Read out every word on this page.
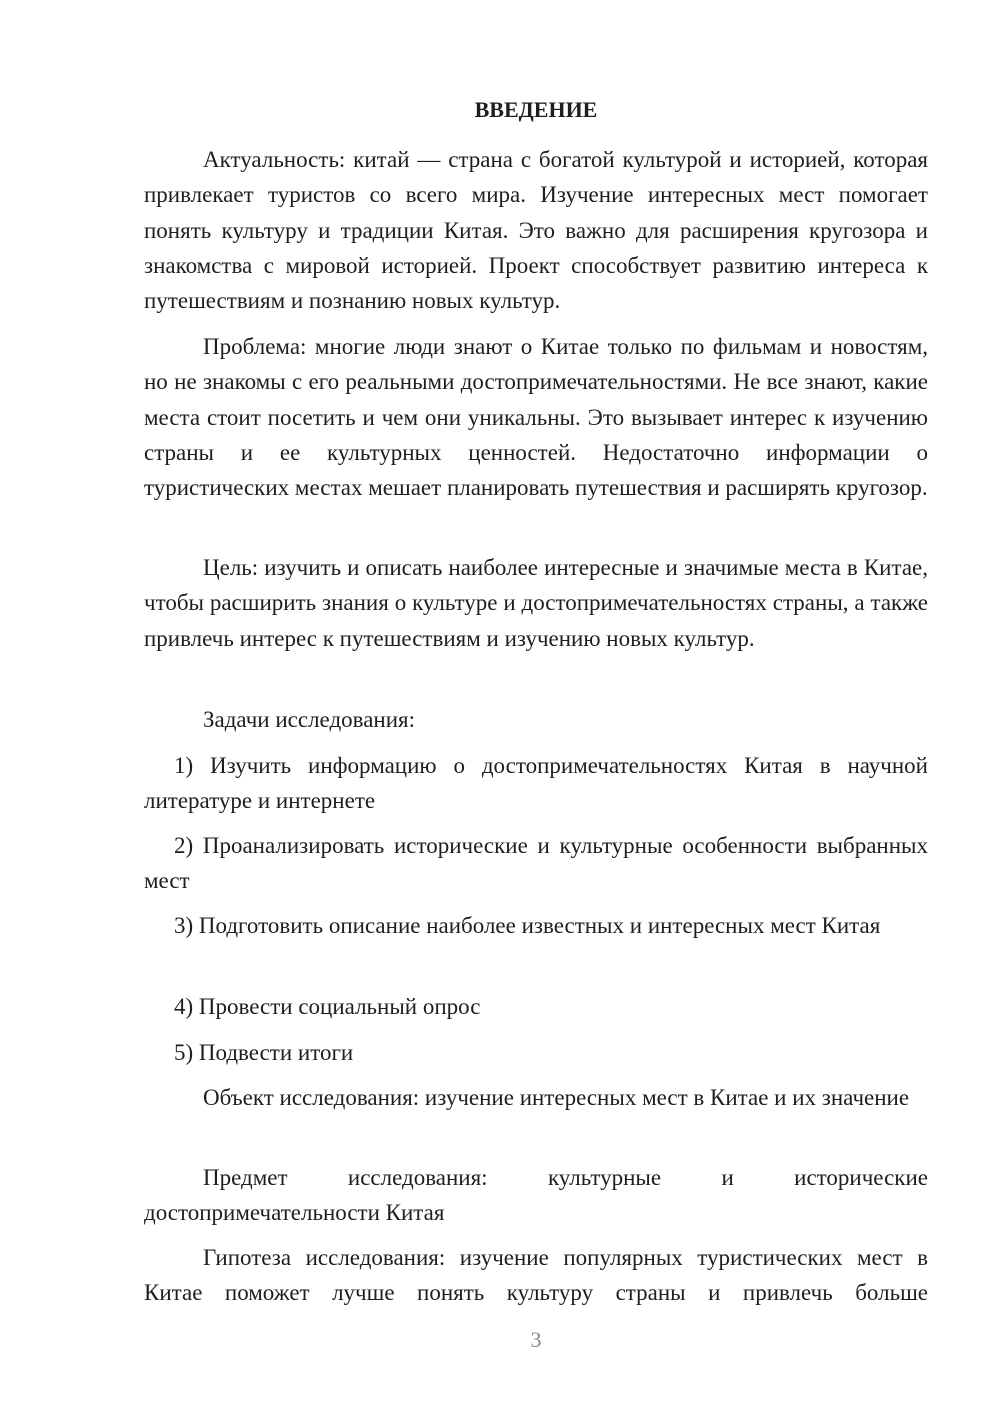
ВВЕДЕНИЕ

Актуальность: китай — страна с богатой культурой и историей, которая привлекает туристов со всего мира. Изучение интересных мест помогает понять культуру и традиции Китая. Это важно для расширения кругозора и знакомства с мировой историей. Проект способствует развитию интереса к путешествиям и познанию новых культур.

Проблема: многие люди знают о Китае только по фильмам и новостям, но не знакомы с его реальными достопримечательностями. Не все знают, какие места стоит посетить и чем они уникальны. Это вызывает интерес к изучению страны и ее культурных ценностей. Недостаточно информации о туристических местах мешает планировать путешествия и расширять кругозор.

Цель: изучить и описать наиболее интересные и значимые места в Китае, чтобы расширить знания о культуре и достопримечательностях страны, а также привлечь интерес к путешествиям и изучению новых культур.

Задачи исследования:

1) Изучить информацию о достопримечательностях Китая в научной литературе и интернете

2) Проанализировать исторические и культурные особенности выбранных мест

3) Подготовить описание наиболее известных и интересных мест Китая

4) Провести социальный опрос

5) Подвести итоги

Объект исследования: изучение интересных мест в Китае и их значение

Предмет исследования: культурные и исторические достопримечательности Китая

Гипотеза исследования: изучение популярных туристических мест в Китае поможет лучше понять культуру страны и привлечь больше

3
